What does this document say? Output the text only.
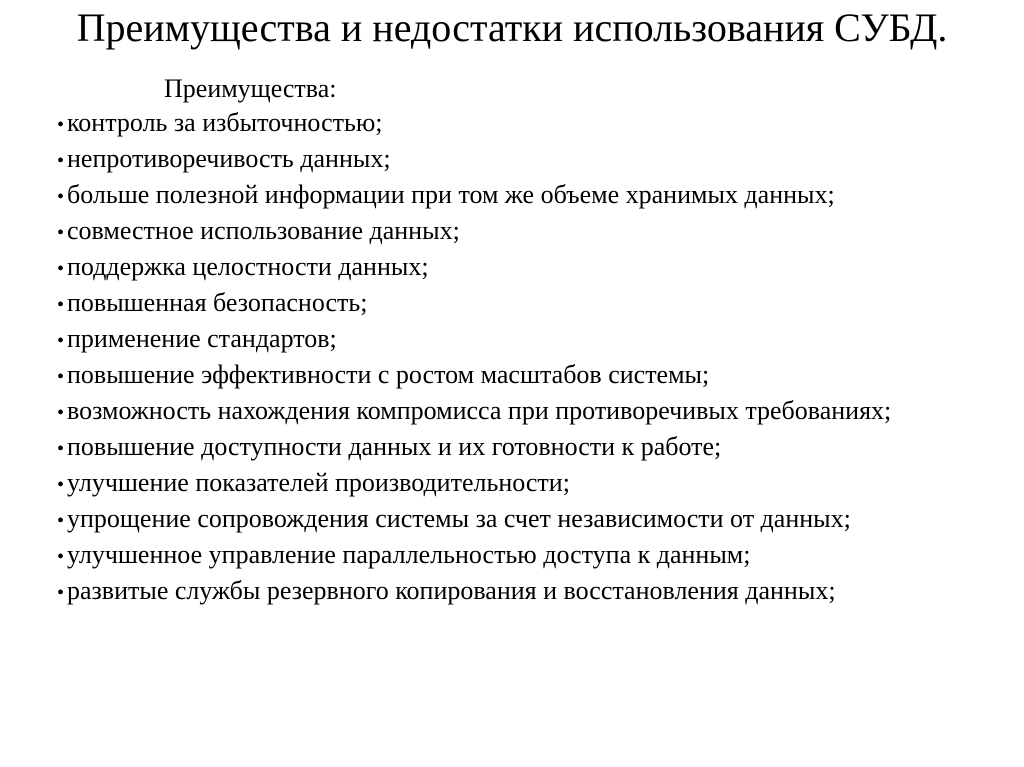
Преимущества и недостатки использования СУБД.
Преимущества:
• контроль за избыточностью;
• непротиворечивость данных;
• больше полезной информации при том же объеме хранимых данных;
• совместное использование данных;
• поддержка целостности данных;
• повышенная безопасность;
• применение стандартов;
• повышение эффективности с ростом масштабов системы;
• возможность нахождения компромисса при противоречивых требованиях;
• повышение доступности данных и их готовности к работе;
• улучшение показателей производительности;
• упрощение сопровождения системы за счет независимости от данных;
• улучшенное управление параллельностью доступа к данным;
• развитые службы резервного копирования и восстановления данных;
